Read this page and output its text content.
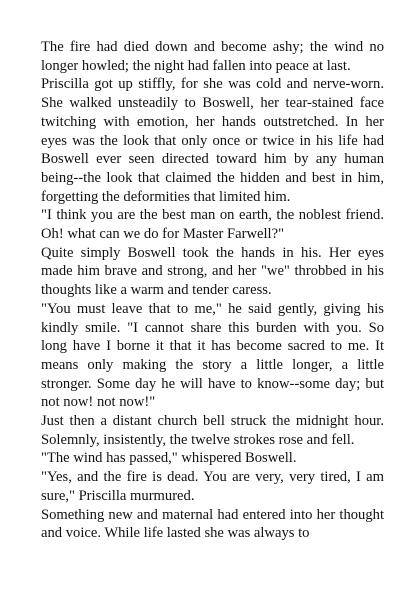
The fire had died down and become ashy; the wind no longer howled; the night had fallen into peace at last.

Priscilla got up stiffly, for she was cold and nerve-worn. She walked unsteadily to Boswell, her tear-stained face twitching with emotion, her hands outstretched. In her eyes was the look that only once or twice in his life had Boswell ever seen directed toward him by any human being--the look that claimed the hidden and best in him, forgetting the deformities that limited him.

"I think you are the best man on earth, the noblest friend. Oh! what can we do for Master Farwell?"

Quite simply Boswell took the hands in his. Her eyes made him brave and strong, and her "we" throbbed in his thoughts like a warm and tender caress.

"You must leave that to me," he said gently, giving his kindly smile. "I cannot share this burden with you. So long have I borne it that it has become sacred to me. It means only making the story a little longer, a little stronger. Some day he will have to know--some day; but not now! not now!"

Just then a distant church bell struck the midnight hour. Solemnly, insistently, the twelve strokes rose and fell.

"The wind has passed," whispered Boswell.

"Yes, and the fire is dead. You are very, very tired, I am sure," Priscilla murmured.

Something new and maternal had entered into her thought and voice. While life lasted she was always to
